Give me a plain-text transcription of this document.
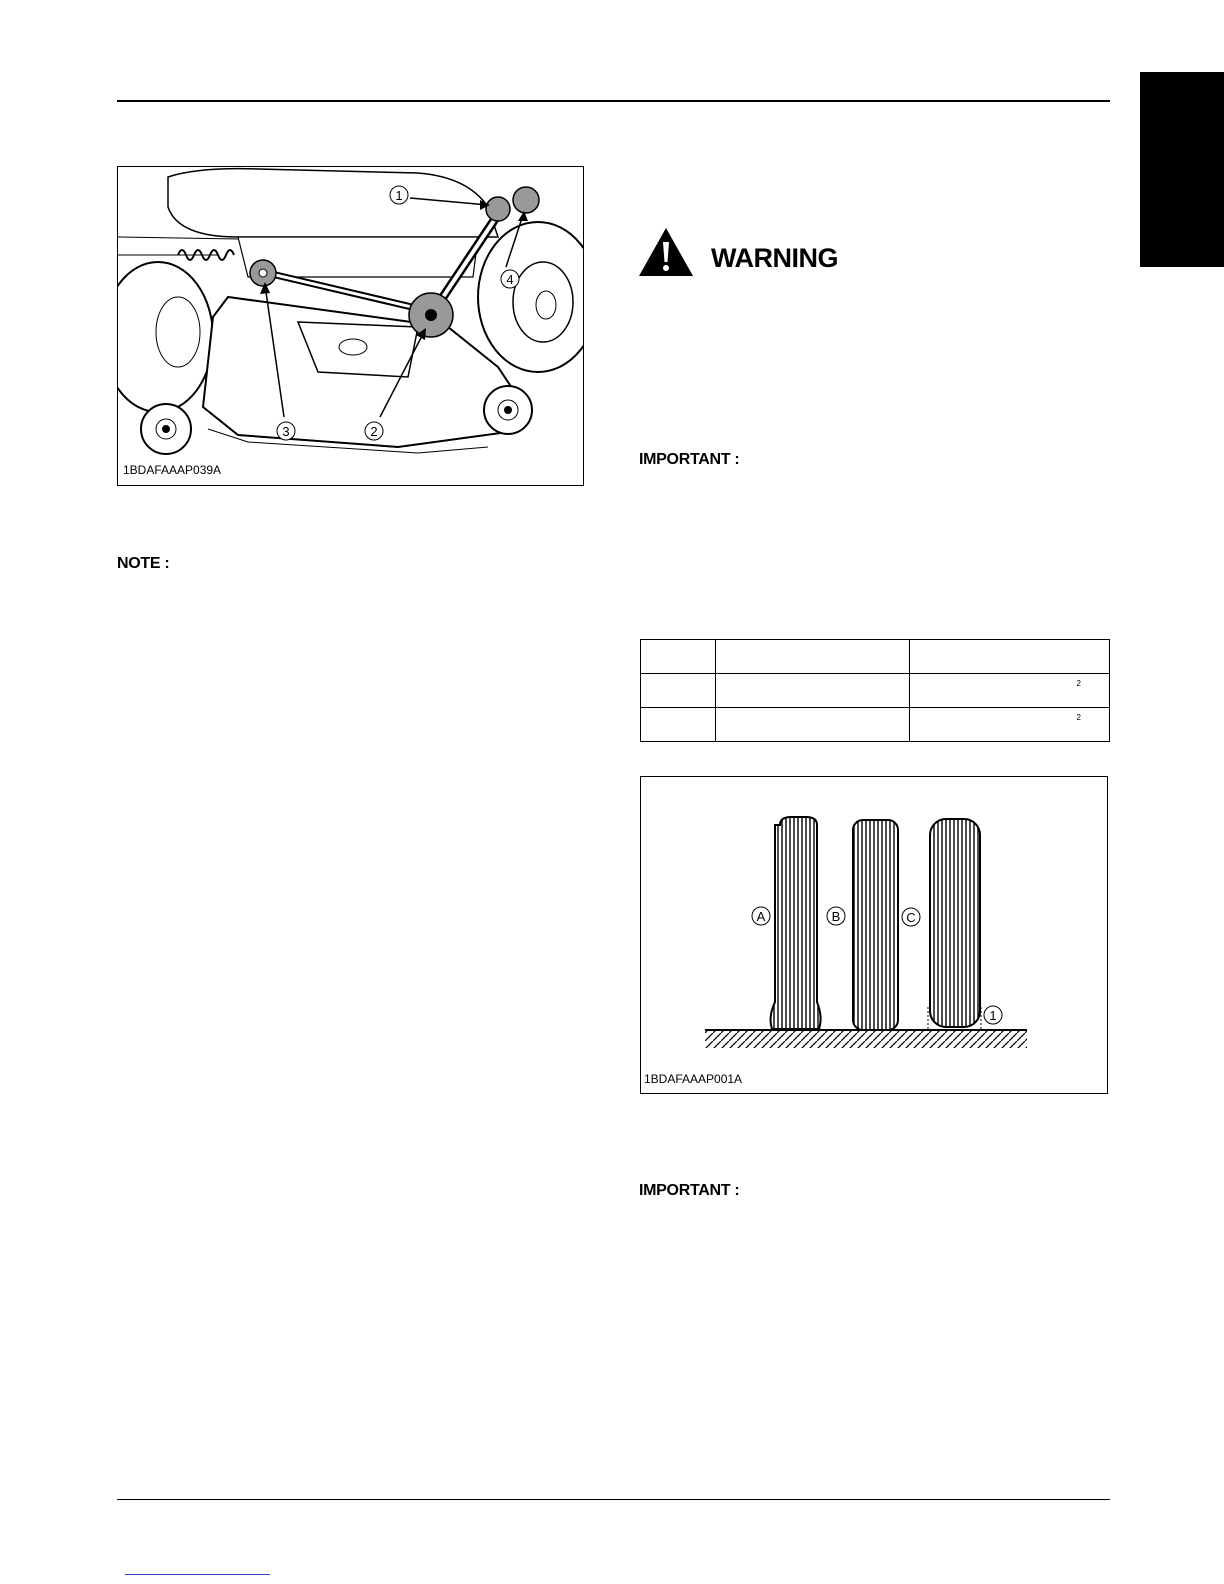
1
2
3
4
1BDAFAAAP039A
NOTE :
WARNING
IMPORTANT :

		2

		2
A	B	C
1
1BDAFAAAP001A
IMPORTANT :
